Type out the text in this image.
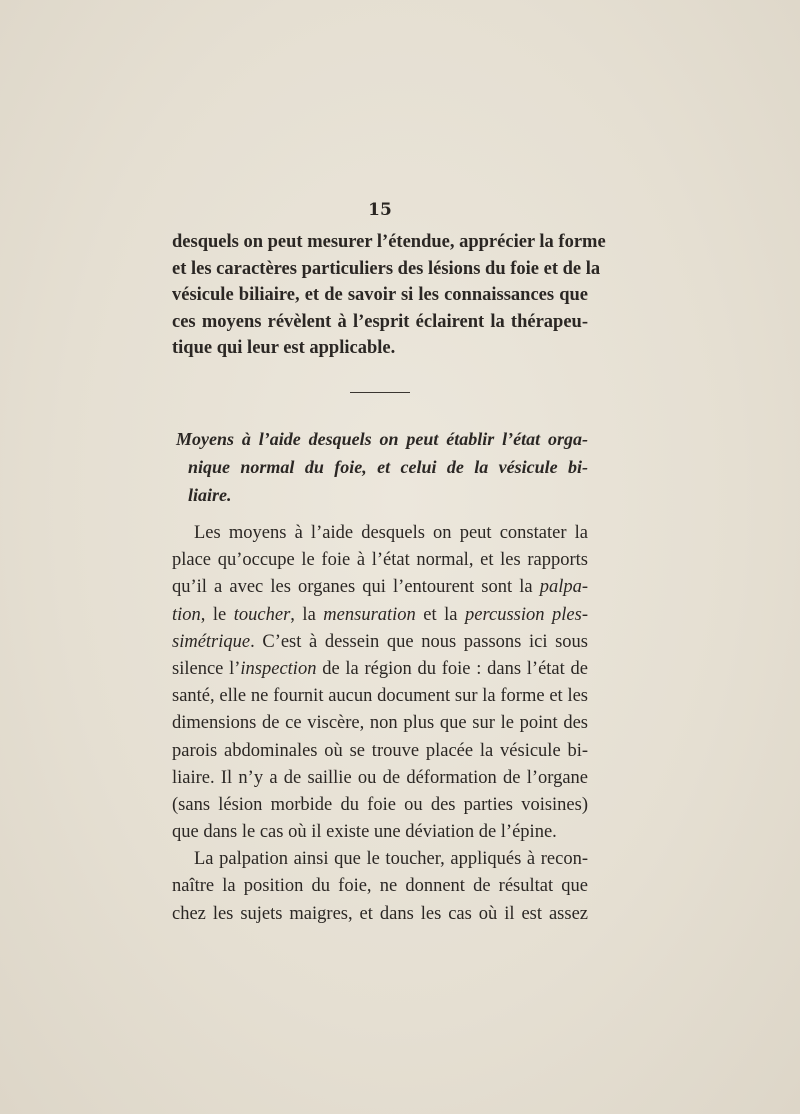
15
desquels on peut mesurer l’étendue, apprécier la forme
et les caractères particuliers des lésions du foie et de la
vésicule biliaire, et de savoir si les connaissances que
ces moyens révèlent à l’esprit éclairent la thérapeu-
tique qui leur est applicable.
Moyens à l’aide desquels on peut établir l’état orga-
nique normal du foie, et celui de la vésicule bi-
liaire.
Les moyens à l’aide desquels on peut constater la
place qu’occupe le foie à l’état normal, et les rapports
qu’il a avec les organes qui l’entourent sont la palpa-
tion, le toucher, la mensuration et la percussion ples-
simétrique. C’est à dessein que nous passons ici sous
silence l’inspection de la région du foie : dans l’état de
santé, elle ne fournit aucun document sur la forme et les
dimensions de ce viscère, non plus que sur le point des
parois abdominales où se trouve placée la vésicule bi-
liaire. Il n’y a de saillie ou de déformation de l’organe
(sans lésion morbide du foie ou des parties voisines)
que dans le cas où il existe une déviation de l’épine.
La palpation ainsi que le toucher, appliqués à recon-
naître la position du foie, ne donnent de résultat que
chez les sujets maigres, et dans les cas où il est assez
